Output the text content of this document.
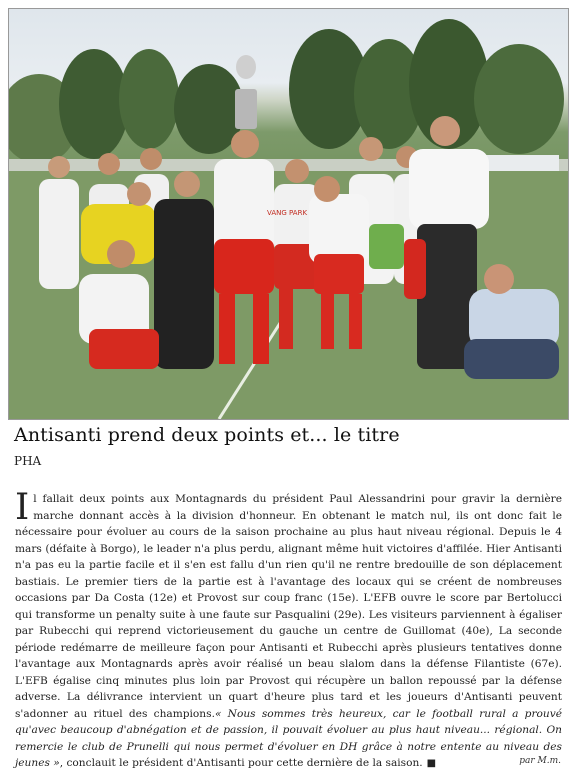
VANG PARK
Antisanti prend deux points et... le titre
PHA
Il fallait deux points aux Montagnards du président Paul Alessandrini pour gravir la dernière marche donnant accès à la division d'honneur. En obtenant le match nul, ils ont donc fait le nécessaire pour évoluer au cours de la saison prochaine au plus haut niveau régional. Depuis le 4 mars (défaite à Borgo), le leader n'a plus perdu, alignant même huit victoires d'affilée. Hier Antisanti n'a pas eu la partie facile et il s'en est fallu d'un rien qu'il ne rentre bredouille de son déplacement bastiais. Le premier tiers de la partie est à l'avantage des locaux qui se créent de nombreuses occasions par Da Costa (12e) et Provost sur coup franc (15e). L'EFB ouvre le score par Bertolucci qui transforme un penalty suite à une faute sur Pasqualini (29e). Les visiteurs parviennent à égaliser par Rubecchi qui reprend victorieusement du gauche un centre de Guillomat (40e), La seconde période redémarre de meilleure façon pour Antisanti et Rubecchi après plusieurs tentatives donne l'avantage aux Montagnards après avoir réalisé un beau slalom dans la défense Filantiste (67e). L'EFB égalise cinq minutes plus loin par Provost qui récupère un ballon repoussé par la défense adverse. La délivrance intervient un quart d'heure plus tard et les joueurs d'Antisanti peuvent s'adonner au rituel des champions.« Nous sommes très heureux, car le football rural a prouvé qu'avec beaucoup d'abnégation et de passion, il pouvait évoluer au plus haut niveau... régional. On remercie le club de Prunelli qui nous permet d'évoluer en DH grâce à notre entente au niveau des jeunes », conclauit le président d'Antisanti pour cette dernière de la saison. ■	par M.m.
